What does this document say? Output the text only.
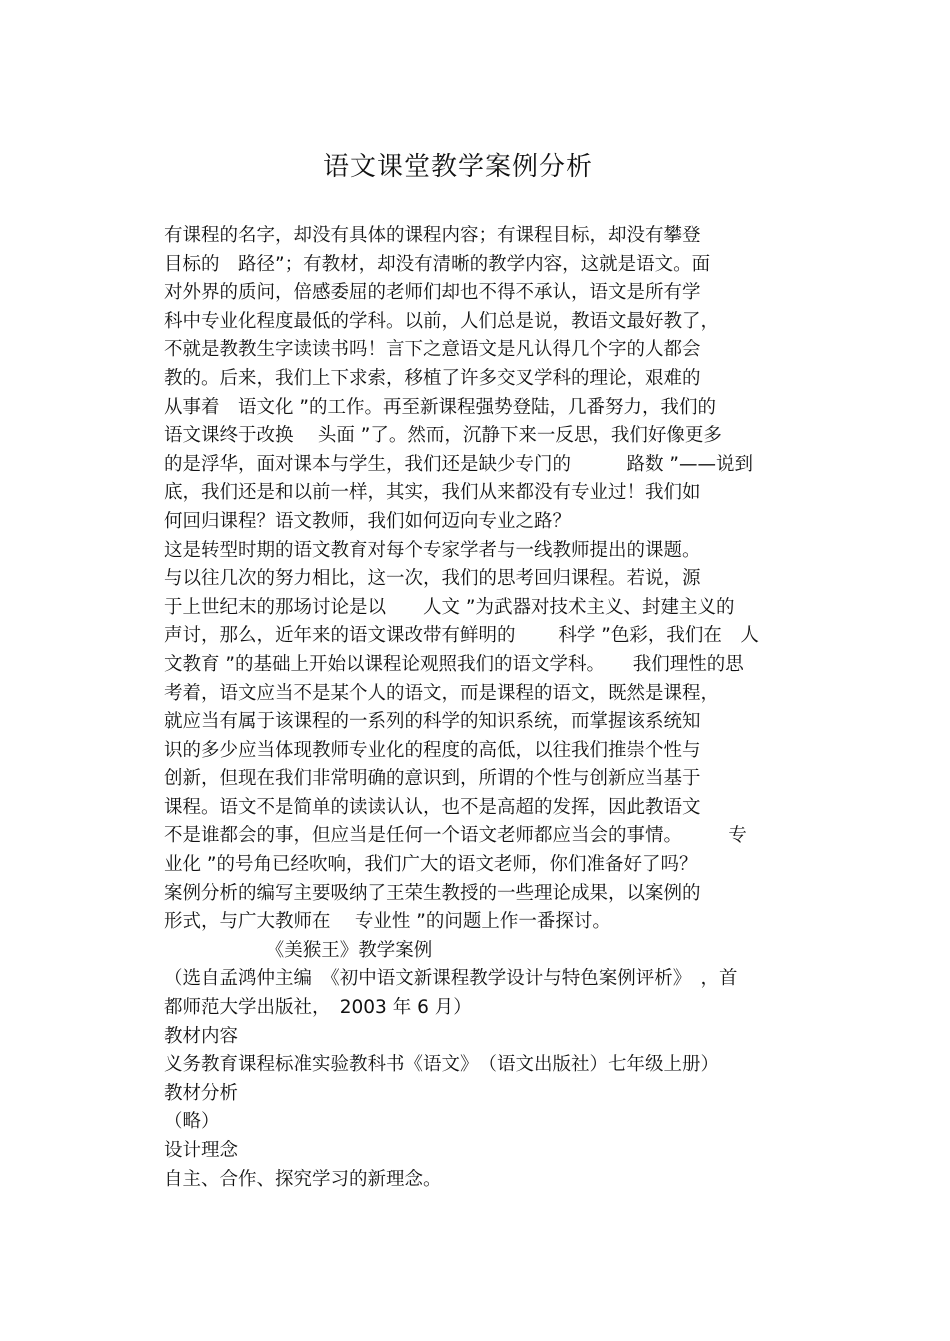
语文课堂教学案例分析
有课程的名字，却没有具体的课程内容；有课程目标，却没有攀登
目标的　路径”；有教材，却没有清晰的教学内容，这就是语文。面
对外界的质问，倍感委屈的老师们却也不得不承认，语文是所有学
科中专业化程度最低的学科。以前，人们总是说，教语文最好教了，
不就是教教生字读读书吗！言下之意语文是凡认得几个字的人都会
教的。后来，我们上下求索，移植了许多交叉学科的理论，艰难的
从事着　语文化 ”的工作。再至新课程强势登陆，几番努力，我们的
语文课终于改换　 头面 ”了。然而，沉静下来一反思，我们好像更多
的是浮华，面对课本与学生，我们还是缺少专门的　　　路数 ”——说到
底，我们还是和以前一样，其实，我们从来都没有专业过！我们如
何回归课程？语文教师，我们如何迈向专业之路？
这是转型时期的语文教育对每个专家学者与一线教师提出的课题。
与以往几次的努力相比，这一次，我们的思考回归课程。若说，源
于上世纪末的那场讨论是以　　人文 ”为武器对技术主义、封建主义的
声讨，那么，近年来的语文课改带有鲜明的　　 科学 ”色彩，我们在　人
文教育 ”的基础上开始以课程论观照我们的语文学科。　　我们理性的思
考着，语文应当不是某个人的语文，而是课程的语文，既然是课程，
就应当有属于该课程的一系列的科学的知识系统，而掌握该系统知
识的多少应当体现教师专业化的程度的高低，以往我们推崇个性与
创新，但现在我们非常明确的意识到，所谓的个性与创新应当基于
课程。语文不是简单的读读认认，也不是高超的发挥，因此教语文
不是谁都会的事，但应当是任何一个语文老师都应当会的事情。　　　专
业化 ”的号角已经吹响，我们广大的语文老师，你们准备好了吗？
案例分析的编写主要吸纳了王荣生教授的一些理论成果，以案例的
形式，与广大教师在　 专业性 ”的问题上作一番探讨。
　　　　　　《美猴王》教学案例
（选自孟鸿仲主编　《初中语文新课程教学设计与特色案例评析》　，首
都师范大学出版社，　2003 年 6 月）
教材内容
义务教育课程标准实验教科书《语文》　（语文出版社）七年级上册）
教材分析
（略）
设计理念
自主、合作、探究学习的新理念。
